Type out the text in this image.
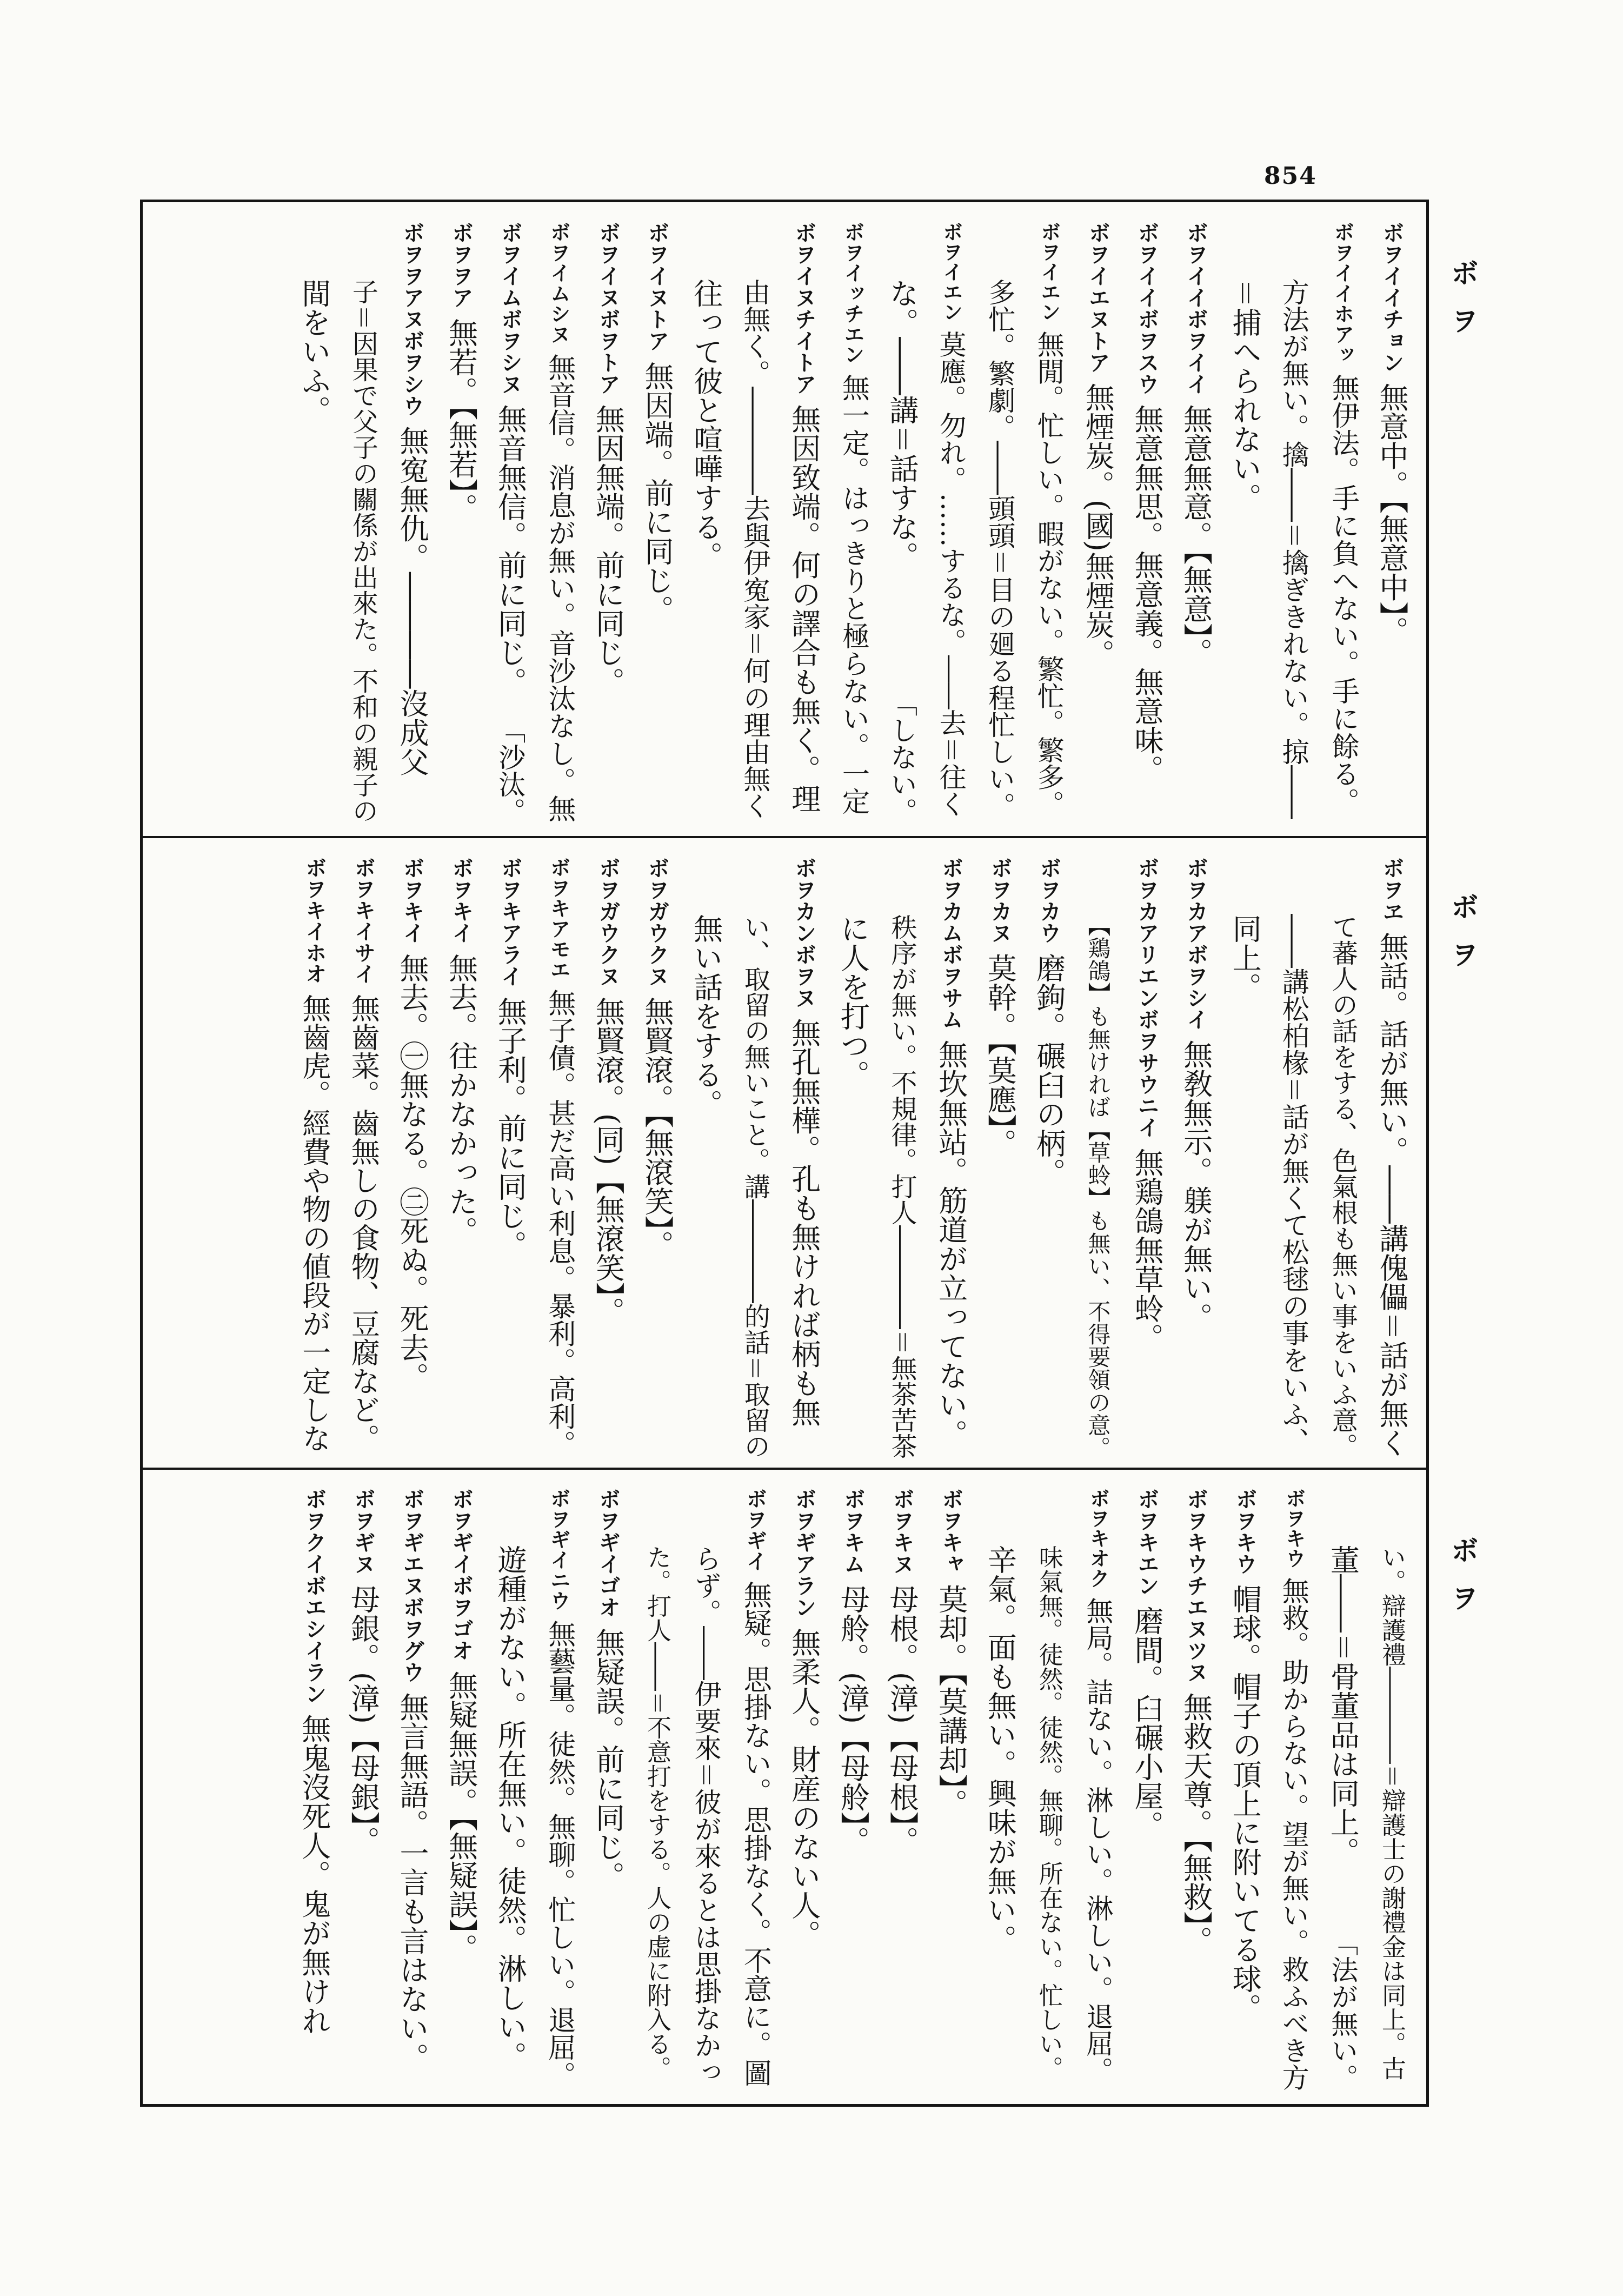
854
ボヲ
ボヲ
ボヲ
ボヲイイチョン無意中。【無意中】。
ボヲイイホアッ無伊法。手に負へない。手に餘る。
方法が無い。擒――＝擒ぎきれない。掠――
＝捕へられない。
ボヲイイボヲイイ無意無意。【無意】。
ボヲイイボヲスウ無意無思。無意義。無意味。
ボヲイエヌトア無煙炭。(國)無煙炭。
ボヲイエン無閒。忙しい。暇がない。繁忙。繁多。
多忙。繁劇。――頭頭＝目の廻る程忙しい。
ボヲイエン莫應。勿れ。……するな。――去＝往く
な。――講＝話すな。
「しない。
ボヲイッチエン無一定。はっきりと極らない。一定
ボヲイヌチイトア無因致端。何の譯合も無く。理
由無く。――――去與伊寃家＝何の理由無く
往って彼と喧嘩する。
ボヲイヌトア無因端。前に同じ。
ボヲイヌボヲトア無因無端。前に同じ。
ボヲイムシヌ無音信。消息が無い。音沙汰なし。無
ボヲイムボヲシヌ無音無信。前に同じ。
「沙汰。
ボヲヲア無若。【無若】。
ボヲヲアヌボヲシウ無寃無仇。――――沒成父
子＝因果で父子の關係が出來た。不和の親子の
間をいふ。
ボヲヱ無話。話が無い。――講傀儡＝話が無く
て蕃人の話をする、色氣根も無い事をいふ意。
――講松柏椽＝話が無くて松毬の事をいふ、
同上。
ボヲカアボヲシイ無敎無示。躾が無い。
ボヲカアリエンボヲサウニイ無鶏鴿無草蛉。
【鶏鴿】も無ければ【草蛉】も無い、不得要領の意。
ボヲカウ磨鉤。碾臼の柄。
ボヲカヌ莫幹。【莫應】。
ボヲカムボヲサム無坎無站。筋道が立ってない。
秩序が無い。不規律。打人――――＝無茶苦茶
に人を打つ。
ボヲカンボヲヌ無孔無樺。孔も無ければ柄も無
い、取留の無いこと。講――――的話＝取留の
無い話をする。
ボヲガウクヌ無賢滾。【無滾笑】。
ボヲガウクヌ無賢滾。(同)【無滾笑】。
ボヲキアモエ無子債。甚だ高い利息。暴利。高利。
ボヲキアライ無子利。前に同じ。
ボヲキイ無去。往かなかった。
ボヲキイ無去。㊀無なる。㊁死ぬ。死去。
ボヲキイサイ無齒菜。齒無しの食物、豆腐など。
ボヲキイホオ無齒虎。經費や物の値段が一定しな
い。辯護禮――――＝辯護士の謝禮金は同上。古
董――＝骨董品は同上。
「法が無い。
ボヲキウ無救。助からない。望が無い。救ふべき方
ボヲキウ帽球。帽子の頂上に附いてる球。
ボヲキウチエヌツヌ無救天尊。【無救】。
ボヲキエン磨間。臼碾小屋。
ボヲキオク無局。詰ない。淋しい。淋しい。退屈。
味氣無。徒然。徒然。無聊。所在ない。忙しい。
辛氣。面も無い。興味が無い。
ボヲキャ莫却。【莫講却】。
ボヲキヌ母根。(漳)【母根】。
ボヲキム母舲。(漳)【母舲】。
ボヲギアラン無柔人。財産のない人。
ボヲギイ無疑。思掛ない。思掛なく。不意に。圖
らず。――伊要來＝彼が來るとは思掛なかっ
た。打人――＝不意打をする。人の虚に附入る。
ボヲギイゴオ無疑誤。前に同じ。
ボヲギイニウ無藝量。徒然。無聊。忙しい。退屈。
遊種がない。所在無い。徒然。淋しい。
ボヲギイボヲゴオ無疑無誤。【無疑誤】。
ボヲギエヌボヲグウ無言無語。一言も言はない。
ボヲギヌ母銀。(漳)【母銀】。
ボヲクイボエシイラン無鬼沒死人。鬼が無けれ
